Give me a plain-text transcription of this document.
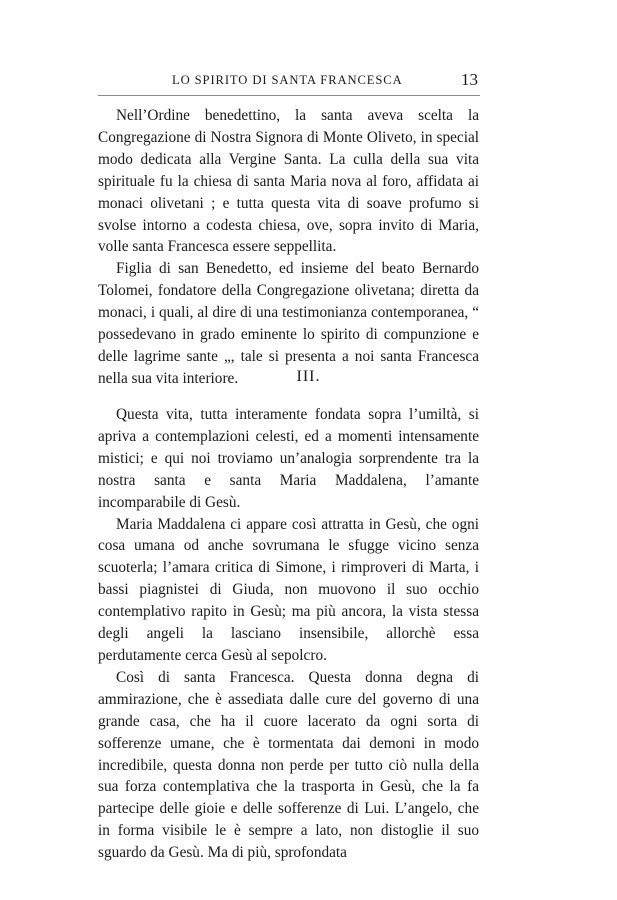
LO SPIRITO DI SANTA FRANCESCA	13

Nell’Ordine benedettino, la santa aveva scelta la Congregazione di Nostra Signora di Monte Oliveto, in special modo dedicata alla Vergine Santa. La culla della sua vita spirituale fu la chiesa di santa Maria nova al foro, affidata ai monaci olivetani ; e tutta questa vita di soave profumo si svolse intorno a codesta chiesa, ove, sopra invito di Maria, volle santa Francesca essere seppellita.

Figlia di san Benedetto, ed insieme del beato Bernardo Tolomei, fondatore della Congregazione olivetana; diretta da monaci, i quali, al dire di una testimonianza contemporanea, “ possedevano in grado eminente lo spirito di compunzione e delle lagrime sante „, tale si presenta a noi santa Francesca nella sua vita interiore.	III.

Questa vita, tutta interamente fondata sopra l’umiltà, si apriva a contemplazioni celesti, ed a momenti intensamente mistici; e qui noi troviamo un’analogia sorprendente tra la nostra santa e santa Maria Maddalena, l’amante incomparabile di Gesù.

Maria Maddalena ci appare così attratta in Gesù, che ogni cosa umana od anche sovrumana le sfugge vicino senza scuoterla; l’amara critica di Simone, i rimproveri di Marta, i bassi piagnistei di Giuda, non muovono il suo occhio contemplativo rapito in Gesù; ma più ancora, la vista stessa degli angeli la lasciano insensibile, allorchè essa perdutamente cerca Gesù al sepolcro.

Così di santa Francesca. Questa donna degna di ammirazione, che è assediata dalle cure del governo di una grande casa, che ha il cuore lacerato da ogni sorta di sofferenze umane, che è tormentata dai demoni in modo incredibile, questa donna non perde per tutto ciò nulla della sua forza contemplativa che la trasporta in Gesù, che la fa partecipe delle gioie e delle sofferenze di Lui. L’angelo, che in forma visibile le è sempre a lato, non distoglie il suo sguardo da Gesù. Ma di più, sprofondata
